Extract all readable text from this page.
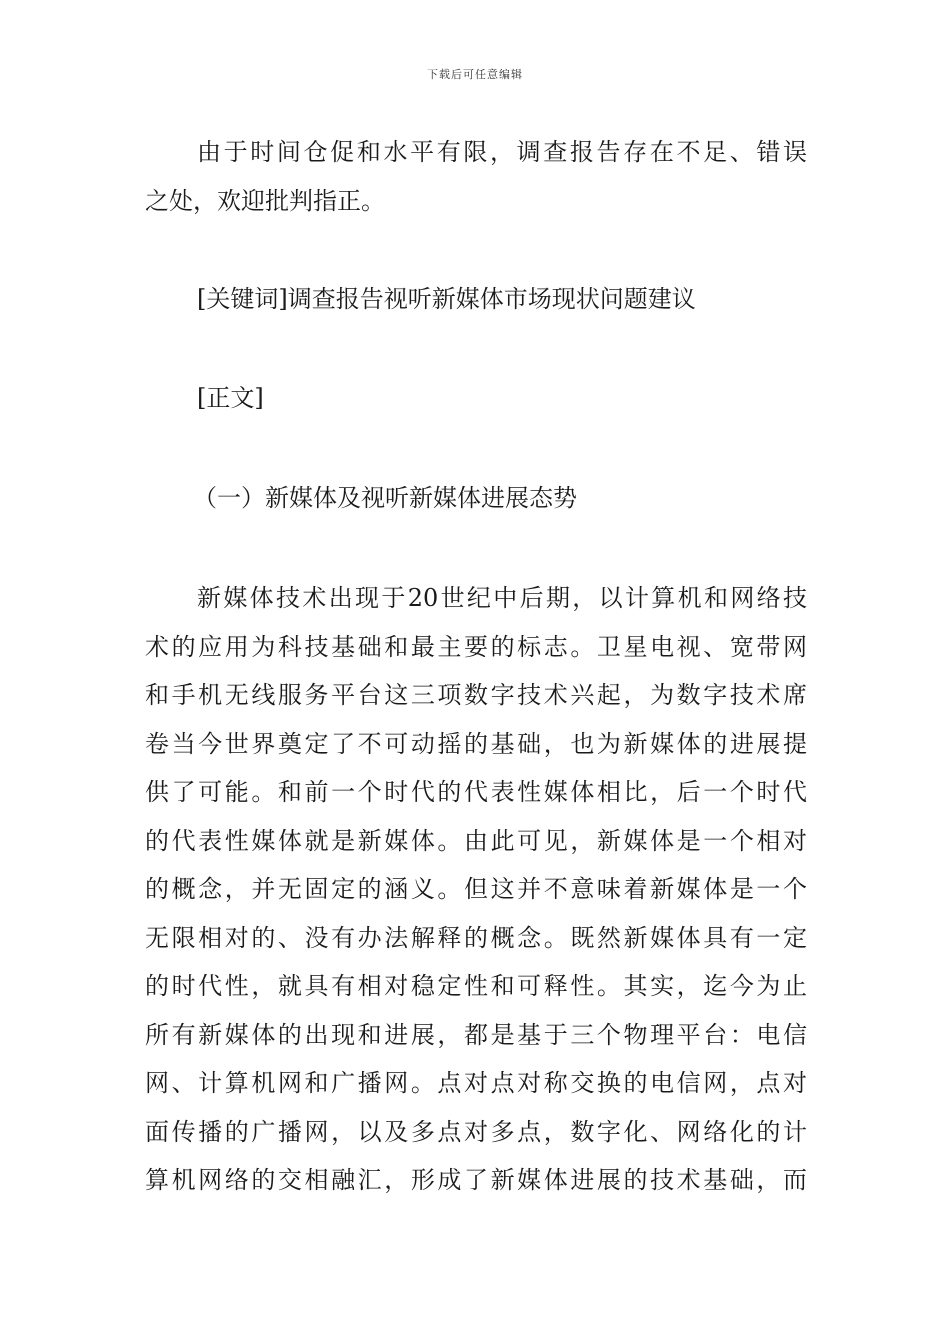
下载后可任意编辑
由于时间仓促和水平有限，调查报告存在不足、错误
之处，欢迎批判指正。
[关键词]调查报告视听新媒体市场现状问题建议
[正文]
（一）新媒体及视听新媒体进展态势
新媒体技术出现于20世纪中后期，以计算机和网络技
术的应用为科技基础和最主要的标志。卫星电视、宽带网
和手机无线服务平台这三项数字技术兴起，为数字技术席
卷当今世界奠定了不可动摇的基础，也为新媒体的进展提
供了可能。和前一个时代的代表性媒体相比，后一个时代
的代表性媒体就是新媒体。由此可见，新媒体是一个相对
的概念，并无固定的涵义。但这并不意味着新媒体是一个
无限相对的、没有办法解释的概念。既然新媒体具有一定
的时代性，就具有相对稳定性和可释性。其实，迄今为止
所有新媒体的出现和进展，都是基于三个物理平台：电信
网、计算机网和广播网。点对点对称交换的电信网，点对
面传播的广播网，以及多点对多点，数字化、网络化的计
算机网络的交相融汇，形成了新媒体进展的技术基础，而
